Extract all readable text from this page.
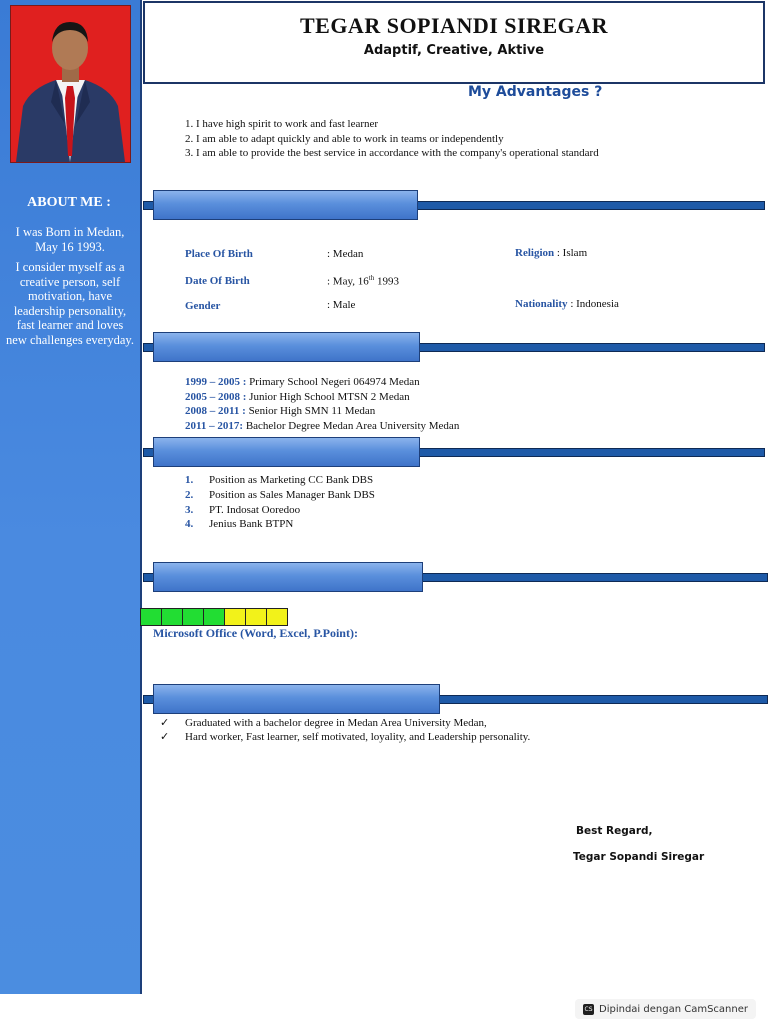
ABOUT ME :

I was Born in Medan, May 16 1993.

I consider myself as a creative person, self motivation, have leadership personality, fast learner and loves new challenges everyday.

TEGAR SOPIANDI SIREGAR
Adaptif, Creative, Aktive
My Advantages ?
1. I have high spirit to work and fast learner
2. I am able to adapt quickly and able to work in teams or independently
3. I am able to provide the best service in accordance with the company's operational standard
Place Of Birth	: Medan
Date Of Birth	: May, 16th 1993
Gender	: Male
Religion : Islam
Nationality : Indonesia
1999 – 2005 : Primary School Negeri 064974 Medan
2005 – 2008 : Junior High School MTSN 2 Medan
2008 – 2011 : Senior High SMN 11 Medan
2011 – 2017: Bachelor Degree Medan Area University Medan
1. Position as Marketing CC Bank DBS
2. Position as Sales Manager Bank DBS
3. PT. Indosat Ooredoo
4. Jenius Bank BTPN
Microsoft Office (Word, Excel, P.Point):
✓ Graduated with a bachelor degree in Medan Area University Medan,
✓ Hard worker, Fast learner, self motivated, loyality, and Leadership personality.
Best Regard,
Tegar Sopandi Siregar
CS Dipindai dengan CamScanner
